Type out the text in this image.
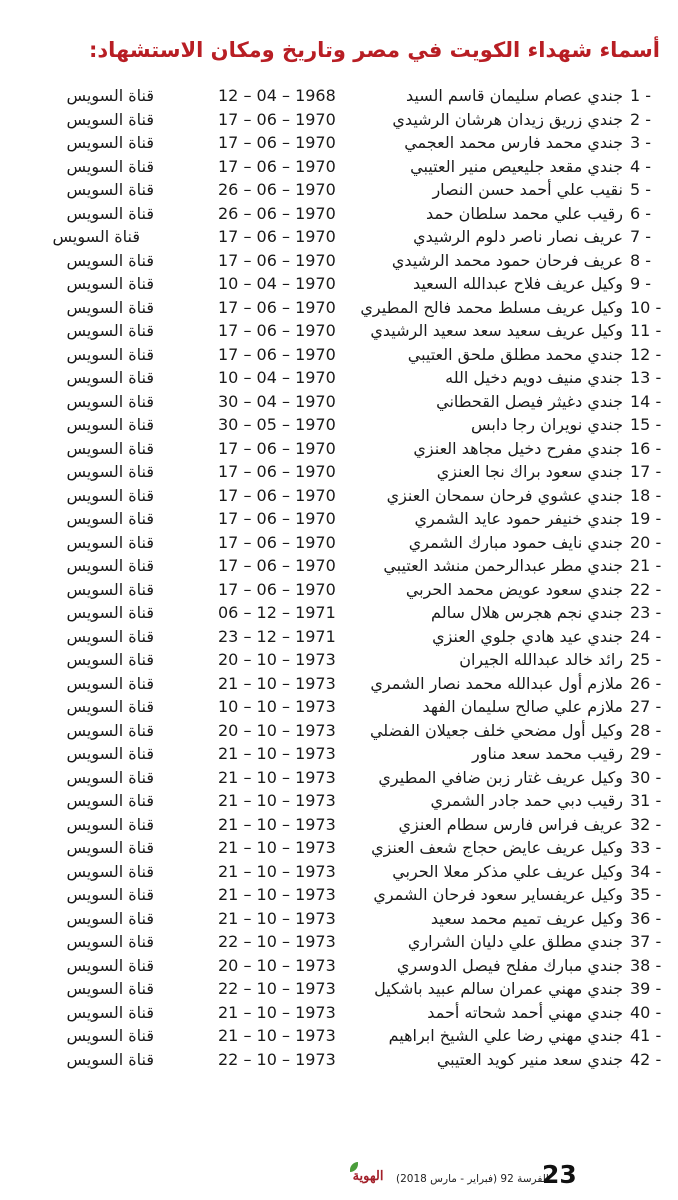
أسماء شهداء الكويت في مصر وتاريخ ومكان الاستشهاد:
1 -
جندي عصام سليمان قاسم السيد
12 – 04 – 1968
قناة السويس
2 -
جندي زريق زيدان هرشان الرشيدي
17 – 06 – 1970
قناة السويس
3 -
جندي محمد فارس محمد العجمي
17 – 06 – 1970
قناة السويس
4 -
جندي مقعد جليعيص منير العتيبي
17 – 06 – 1970
قناة السويس
5 -
نقيب علي أحمد حسن النصار
26 – 06 – 1970
قناة السويس
6 -
رقيب علي محمد سلطان حمد
26 – 06 – 1970
قناة السويس
7 -
عريف نصار ناصر دلوم الرشيدي
17 – 06 – 1970
قناة السويس
8 -
عريف فرحان حمود محمد الرشيدي
17 – 06 – 1970
قناة السويس
9 -
وكيل عريف فلاح عبدالله السعيد
10 – 04 – 1970
قناة السويس
10 -
وكيل عريف مسلط محمد فالح المطيري
17 – 06 – 1970
قناة السويس
11 -
وكيل عريف سعيد سعد سعيد الرشيدي
17 – 06 – 1970
قناة السويس
12 -
جندي محمد مطلق ملحق العتيبي
17 – 06 – 1970
قناة السويس
13 -
جندي منيف دويم دخيل الله
10 – 04 – 1970
قناة السويس
14 -
جندي دغيثر فيصل القحطاني
30 – 04 – 1970
قناة السويس
15 -
جندي نويران رجا دابس
30 – 05 – 1970
قناة السويس
16 -
جندي مفرح دخيل مجاهد العنزي
17 – 06 – 1970
قناة السويس
17 -
جندي سعود براك نجا العنزي
17 – 06 – 1970
قناة السويس
18 -
جندي عشوي فرحان سمحان العنزي
17 – 06 – 1970
قناة السويس
19 -
جندي خنيفر حمود عايد الشمري
17 – 06 – 1970
قناة السويس
20 -
جندي نايف حمود مبارك الشمري
17 – 06 – 1970
قناة السويس
21 -
جندي مطر عبدالرحمن منشد العتيبي
17 – 06 – 1970
قناة السويس
22 -
جندي سعود عويض محمد الحربي
17 – 06 – 1970
قناة السويس
23 -
جندي نجم هجرس هلال سالم
06 – 12 – 1971
قناة السويس
24 -
جندي عيد هادي جلوي العنزي
23 – 12 – 1971
قناة السويس
25 -
رائد خالد عبدالله الجيران
20 – 10 – 1973
قناة السويس
26 -
ملازم أول عبدالله محمد نصار الشمري
21 – 10 – 1973
قناة السويس
27 -
ملازم علي صالح سليمان الفهد
10 – 10 – 1973
قناة السويس
28 -
وكيل أول مضحي خلف جعيلان الفضلي
20 – 10 – 1973
قناة السويس
29 -
رقيب محمد سعد مناور
21 – 10 – 1973
قناة السويس
30 -
وكيل عريف غتار زبن ضافي المطيري
21 – 10 – 1973
قناة السويس
31 -
رقيب دبي حمد جادر الشمري
21 – 10 – 1973
قناة السويس
32 -
عريف فراس فارس سطام العنزي
21 – 10 – 1973
قناة السويس
33 -
وكيل عريف عايض حجاج شعف العنزي
21 – 10 – 1973
قناة السويس
34 -
وكيل عريف علي مذكر معلا الحربي
21 – 10 – 1973
قناة السويس
35 -
وكيل عريفساير سعود فرحان الشمري
21 – 10 – 1973
قناة السويس
36 -
وكيل عريف تميم محمد سعيد
21 – 10 – 1973
قناة السويس
37 -
جندي مطلق علي دليان الشراري
22 – 10 – 1973
قناة السويس
38 -
جندي مبارك مفلح فيصل الدوسري
20 – 10 – 1973
قناة السويس
39 -
جندي مهني عمران سالم عبيد باشكيل
22 – 10 – 1973
قناة السويس
40 -
جندي مهني أحمد شحاته أحمد
21 – 10 – 1973
قناة السويس
41 -
جندي مهني رضا علي الشيخ ابراهيم
21 – 10 – 1973
قناة السويس
42 -
جندي سعد منير كويد العتيبي
22 – 10 – 1973
قناة السويس
الهوية	الفرسة 92 (فبراير - مارس 2018)
23
